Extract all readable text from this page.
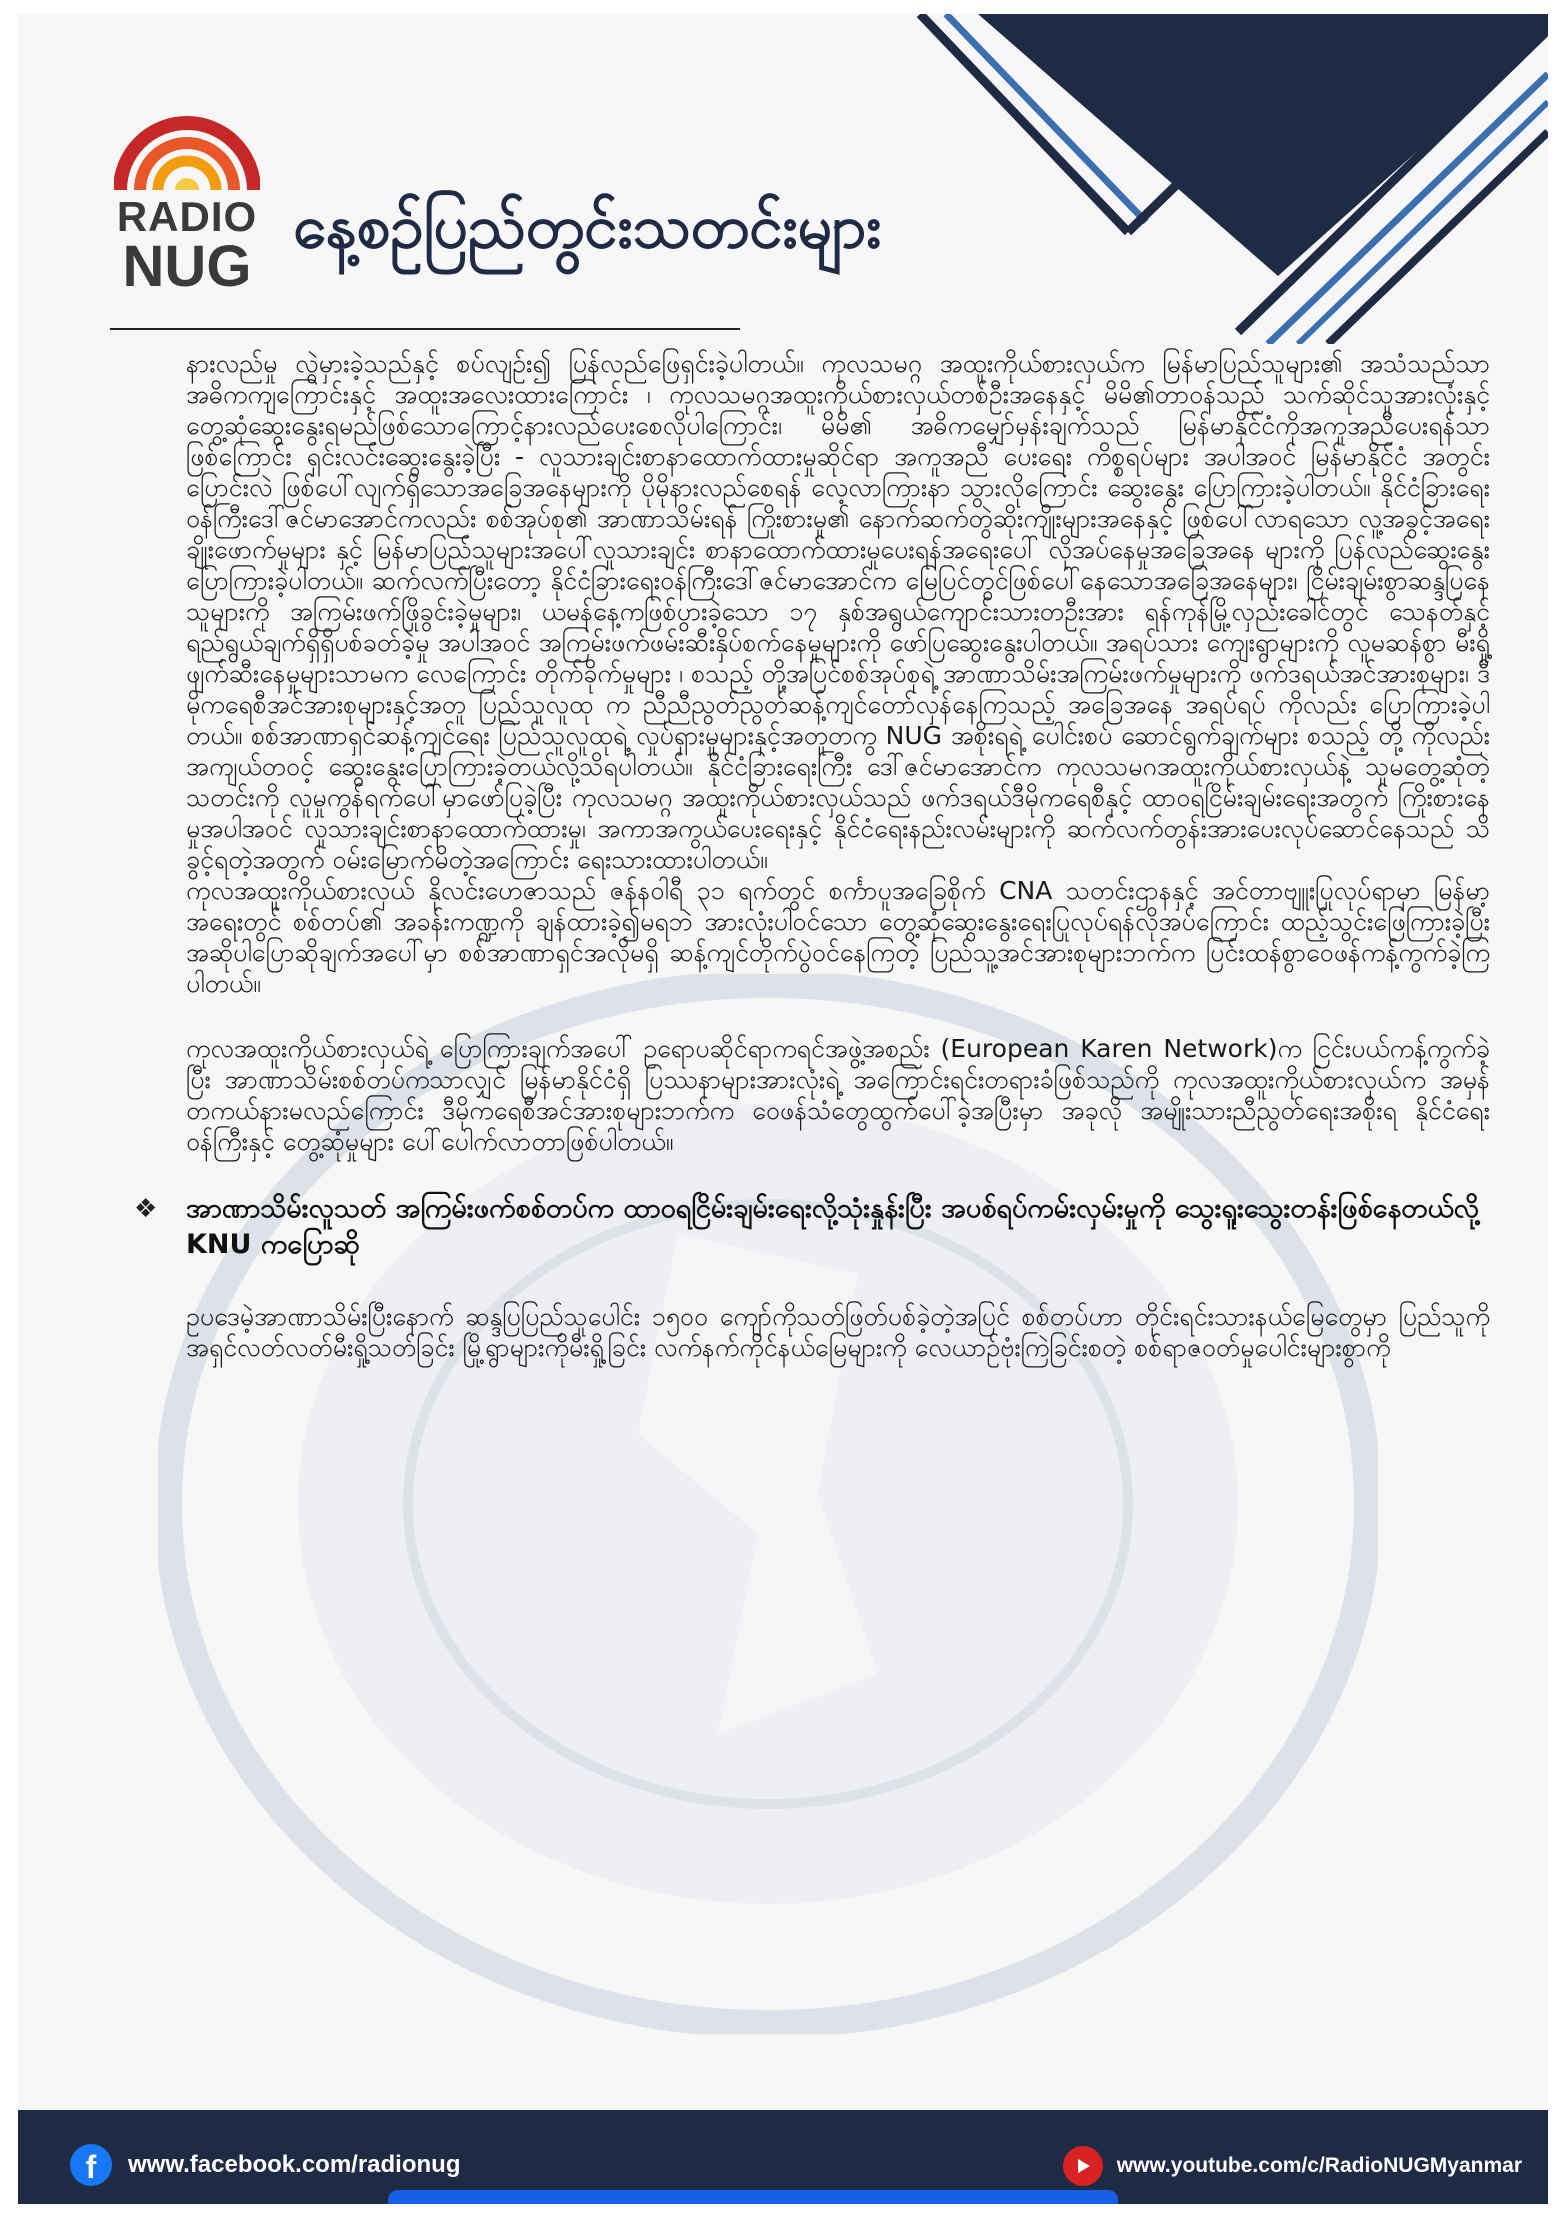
RADIO
NUG
နေ့စဉ်ပြည်တွင်းသတင်းများ

နားလည်မှု လွဲမှားခဲ့သည်နှင့် စပ်လျဉ်း၍ ပြန်လည်ဖြေရှင်းခဲ့ပါတယ်။ ကုလသမဂ္ဂ အထူးကိုယ်စားလှယ်က မြန်မာပြည်သူများ၏ အသံသည်သာ အဓိကကျကြောင်းနှင့် အထူးအလေးထားကြောင်း ၊ ကုလသမဂ္ဂအထူးကိုယ်စားလှယ်တစ်ဦးအနေနှင့် မိမိ၏တာဝန်သည် သက်ဆိုင်သူအားလုံးနှင့် တွေ့ဆုံဆွေးနွေးရမည်ဖြစ်သောကြောင့်နားလည်ပေးစေလိုပါကြောင်း၊ မိမိ၏ အဓိကမျှော်မှန်းချက်သည် မြန်မာနိုင်ငံကိုအကူအညီပေးရန်သာဖြစ်ကြောင်း ရှင်းလင်းဆွေးနွေးခဲ့ပြီး - လူသားချင်းစာနာထောက်ထားမှုဆိုင်ရာ အကူအညီ ပေးရေး ကိစ္စရပ်များ အပါအဝင် မြန်မာနိုင်ငံ အတွင်း ပြောင်းလဲ ဖြစ်ပေါ်လျက်ရှိသောအခြေအနေများကို ပိုမိုနားလည်စေရန် လေ့လာကြားနာ သွားလိုကြောင်း ဆွေးနွေး ပြောကြားခဲ့ပါတယ်။ နိုင်ငံခြားရေးဝန်ကြီးဒေါ်ဇင်မာအောင်ကလည်း စစ်အုပ်စု၏ အာဏာသိမ်းရန် ကြိုးစားမှု၏ နောက်ဆက်တွဲဆိုးကျိုးများအနေနှင့် ဖြစ်ပေါ်လာရသော လူ့အခွင့်အရေးချိုးဖောက်မှုများ နှင့် မြန်မာပြည်သူများအပေါ်လူသားချင်း စာနာထောက်ထားမှုပေးရန်အရေးပေါ် လိုအပ်နေမှုအခြေအနေ များကို ပြန်လည်ဆွေးနွေး ပြောကြားခဲ့ပါတယ်။ ဆက်လက်ပြီးတော့ နိုင်ငံခြားရေးဝန်ကြီးဒေါ်ဇင်မာအောင်က မြေပြင်တွင်ဖြစ်ပေါ်နေသောအခြေအနေများ၊ ငြိမ်းချမ်းစွာဆန္ဒပြနေသူများကို အကြမ်းဖက်ဖြိုခွင်းခဲ့မှုများ၊ ယမန်နေ့ကဖြစ်ပွားခဲ့သော ၁၇ နှစ်အရွယ်ကျောင်းသားတဦးအား ရန်ကုန်မြို့လှည်းခေါင်တွင် သေနတ်နှင့် ရည်ရွယ်ချက်ရှိရှိပစ်ခတ်ခဲ့မှု အပါအဝင် အကြမ်းဖက်ဖမ်းဆီးနှိပ်စက်နေမှုများကို ဖော်ပြဆွေးနွေးပါတယ်။ အရပ်သား ကျေးရွာများကို လူမဆန်စွာ မီးရှို့ဖျက်ဆီးနေမှုများသာမက လေကြောင်း တိုက်ခိုက်မှုများ ၊ စသည့် တို့အပြင်စစ်အုပ်စုရဲ့ အာဏာသိမ်းအကြမ်းဖက်မှုများကို ဖက်ဒရယ်အင်အားစုများ၊ ဒီမိုကရေစီအင်အားစုများနှင့်အတူ ပြည်သူလူထု က ညီညီညွတ်ညွတ်ဆန့်ကျင်တော်လှန်နေကြသည့် အခြေအနေ အရပ်ရပ် ကိုလည်း ပြောကြားခဲ့ပါတယ်။ စစ်အာဏာရှင်ဆန့်ကျင်ရေး ပြည်သူလူထုရဲ့ လှုပ်ရှားမှုများနှင့်အတူတကွ NUG အစိုးရရဲ့ ပေါင်းစပ် ဆောင်ရွက်ချက်များ စသည့် တို့ ကိုလည်း အကျယ်တဝင့် ဆွေးနွေးပြောကြားခဲ့တယ်လို့သိရပါတယ်။ နိုင်ငံခြားရေးကြီး ဒေါ်ဇင်မာအောင်က ကုလသမဂအထူးကိုယ်စားလှယ်နဲ့ သူမတွေ့ဆုံတဲ့သတင်းကို လူမှုကွန်ရက်ပေါ်မှာဖော်ပြခဲ့ပြီး ကုလသမဂ္ဂ အထူးကိုယ်စားလှယ်သည် ဖက်ဒရယ်ဒီမိုကရေစီနှင့် ထာဝရငြိမ်းချမ်းရေးအတွက် ကြိုးစားနေမှုအပါအဝင် လူသားချင်းစာနာထောက်ထားမှု၊ အကာအကွယ်ပေးရေးနှင့် နိုင်ငံရေးနည်းလမ်းများကို ဆက်လက်တွန်းအားပေးလုပ်ဆောင်နေသည် သိခွင့်ရတဲ့အတွက် ဝမ်းမြောက်မိတဲ့အကြောင်း ရေးသားထားပါတယ်။

ကုလအထူးကိုယ်စားလှယ် နိုလင်းဟေဇာသည် ဇန်နဝါရီ ၃၁ ရက်တွင် စင်္ကာပူအခြေစိုက် CNA သတင်းဌာနနှင့် အင်တာဗျူးပြုလုပ်ရာမှာ မြန်မာ့အရေးတွင် စစ်တပ်၏ အခန်းကဏ္ဍကို ချန်ထားခဲ့၍မရဘဲ အားလုံးပါဝင်သော တွေ့ဆုံဆွေးနွေးရေးပြုလုပ်ရန်လိုအပ်ကြောင်း ထည့်သွင်းဖြေကြားခဲ့ပြီး အဆိုပါပြောဆိုချက်အပေါ်မှာ စစ်အာဏာရှင်အလိုမရှိ ဆန့်ကျင်တိုက်ပွဲဝင်နေကြတဲ့ ပြည်သူ့အင်အားစုများဘက်က ပြင်းထန်စွာဝေဖန်ကန့်ကွက်ခဲ့ကြပါတယ်။

ကုလအထူးကိုယ်စားလှယ်ရဲ့ ပြောကြားချက်အပေါ် ဥရောပဆိုင်ရာကရင်အဖွဲ့အစည်း (European Karen Network)က ငြင်းပယ်ကန့်ကွက်ခဲ့ပြီး အာဏာသိမ်းစစ်တပ်ကသာလျှင် မြန်မာနိုင်ငံရှိ ပြဿနာများအားလုံးရဲ့ အကြောင်းရင်းတရားခံဖြစ်သည်ကို ကုလအထူးကိုယ်စားလှယ်က အမှန်တကယ်နားမလည်ကြောင်း ဒီမိုကရေစီအင်အားစုများဘက်က ဝေဖန်သံတွေထွက်ပေါ်ခဲ့အပြီးမှာ အခုလို အမျိုးသားညီညွတ်ရေးအစိုးရ နိုင်ငံရေးဝန်ကြီးနှင့် တွေ့ဆုံမှုများ ပေါ်ပေါက်လာတာဖြစ်ပါတယ်။

❖	အာဏာသိမ်းလူသတ် အကြမ်းဖက်စစ်တပ်က ထာဝရငြိမ်းချမ်းရေးလို့သုံးနှုန်းပြီး အပစ်ရပ်ကမ်းလှမ်းမှုကို သွေးရူးသွေးတန်းဖြစ်နေတယ်လို့ KNU ကပြောဆို

ဥပဒေမဲ့အာဏာသိမ်းပြီးနောက် ဆန္ဒပြပြည်သူပေါင်း ၁၅၀၀ ကျော်ကိုသတ်ဖြတ်ပစ်ခဲ့တဲ့အပြင် စစ်တပ်ဟာ တိုင်းရင်းသားနယ်မြေတွေမှာ ပြည်သူကိုအရှင်လတ်လတ်မီးရှို့သတ်ခြင်း မြို့ရွာများကိုမီးရှို့ခြင်း လက်နက်ကိုင်နယ်မြေများကို လေယာဉ်ဗုံးကြဲခြင်းစတဲ့ စစ်ရာဇဝတ်မှုပေါင်းများစွာကို

f	www.facebook.com/radionug	www.youtube.com/c/RadioNUGMyanmar
